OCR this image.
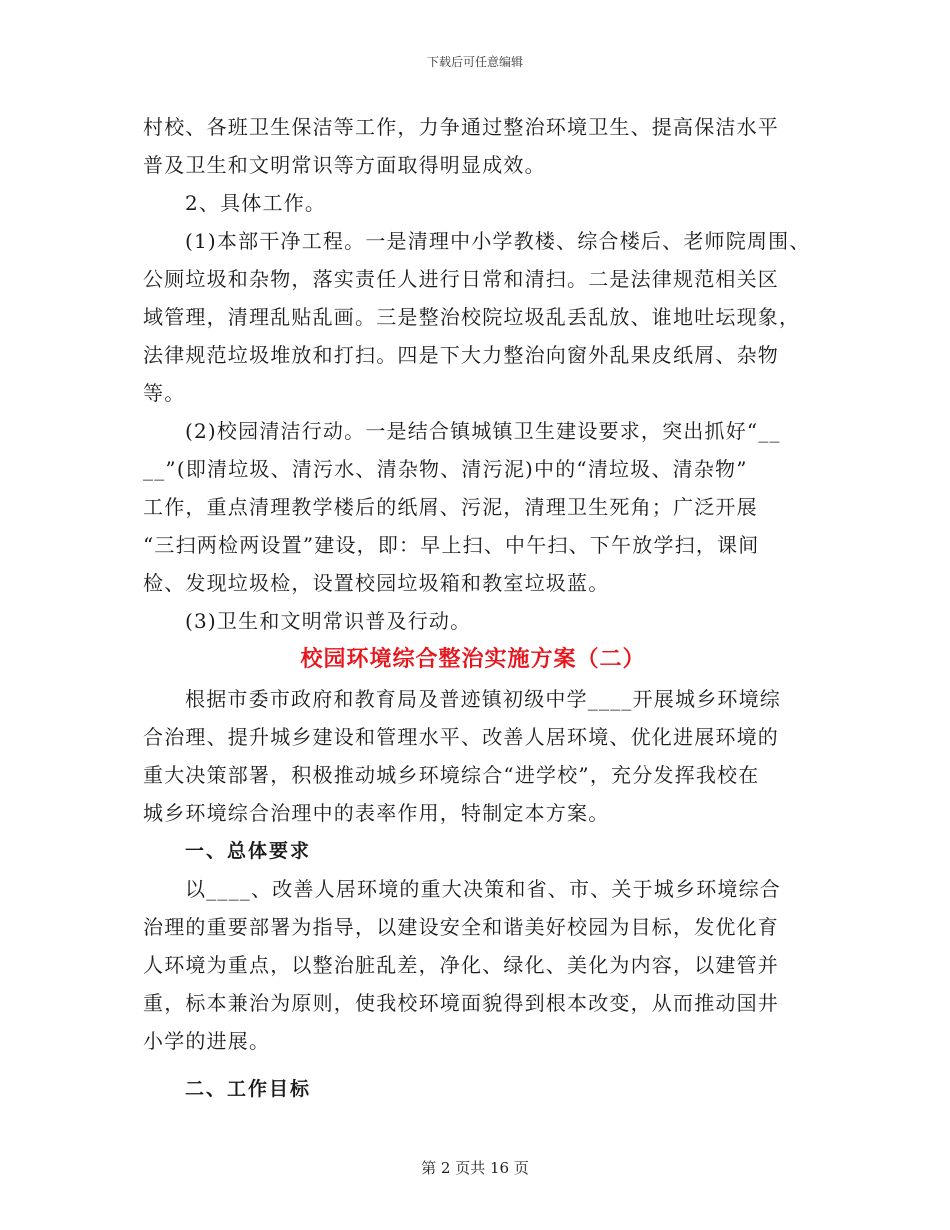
下载后可任意编辑
村校、各班卫生保洁等工作，力争通过整治环境卫生、提高保洁水平
普及卫生和文明常识等方面取得明显成效。
2、具体工作。
(1)本部干净工程。一是清理中小学教楼、综合楼后、老师院周围、
公厕垃圾和杂物，落实责任人进行日常和清扫。二是法律规范相关区
域管理，清理乱贴乱画。三是整治校院垃圾乱丢乱放、谁地吐坛现象，
法律规范垃圾堆放和打扫。四是下大力整治向窗外乱果皮纸屑、杂物
等。
(2)校园清洁行动。一是结合镇城镇卫生建设要求，突出抓好“__
__”(即清垃圾、清污水、清杂物、清污泥)中的“清垃圾、清杂物”
工作，重点清理教学楼后的纸屑、污泥，清理卫生死角；广泛开展
“三扫两检两设置”建设，即：早上扫、中午扫、下午放学扫，课间
检、发现垃圾检，设置校园垃圾箱和教室垃圾蓝。
(3)卫生和文明常识普及行动。
校园环境综合整治实施方案（二）
根据市委市政府和教育局及普迹镇初级中学____开展城乡环境综
合治理、提升城乡建设和管理水平、改善人居环境、优化进展环境的
重大决策部署，积极推动城乡环境综合“进学校”，充分发挥我校在
城乡环境综合治理中的表率作用，特制定本方案。
一、总体要求
以____、改善人居环境的重大决策和省、市、关于城乡环境综合
治理的重要部署为指导，以建设安全和谐美好校园为目标，发优化育
人环境为重点，以整治脏乱差，净化、绿化、美化为内容，以建管并
重，标本兼治为原则，使我校环境面貌得到根本改变，从而推动国井
小学的进展。
二、工作目标
第 2 页共 16 页
